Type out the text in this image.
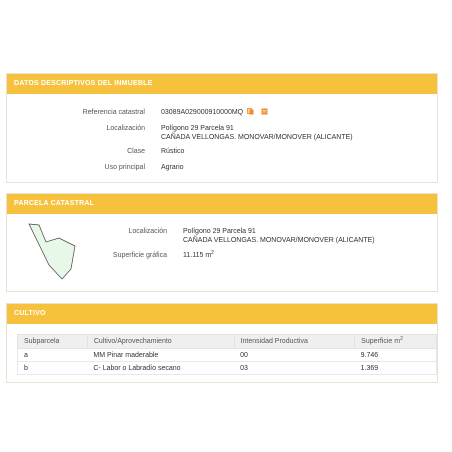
DATOS DESCRIPTIVOS DEL INMUEBLE
Referencia catastral 03089A029000910000MQ
Localización Polígono 29 Parcela 91
CAÑADA VELLONGAS. MONOVAR/MONOVER (ALICANTE)
Clase Rústico
Uso principal Agrario
PARCELA CATASTRAL
Localización Polígono 29 Parcela 91
CAÑADA VELLONGAS. MONOVAR/MONOVER (ALICANTE)
Superficie gráfica 11.115 $m^2$
CULTIVO
Subparcela	Cultivo/Aprovechamiento	Intensidad Productiva	Superficie $m^2$
a	MM Pinar maderable	00	9.746
b	C- Labor o Labradío secano	03	1.369
